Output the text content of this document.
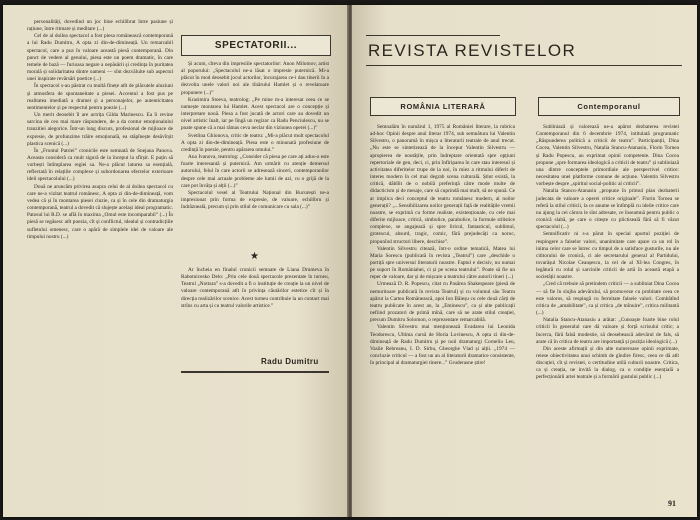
personalități, dovedind un joc bine echilibrat între pasiune și rațiune, între ritmare și meditare (...)

Cel de al doilea spectacol a fost piesa românească contemporană a lui Radu Dumitru, A opta zi din-de-dimineață. Un remarcabil spectacol, care a pus în valoare această piesă contemporană. Din punct de vedere al genului, piesa este un poem dramatic, în care temele de bază — furioasa negare a nepăsării și credința în puritatea morală și solidaritatea dintre oameni — sînt dezvăluite sub aspectul unei inspirate revărsări poetice (...)

În spectacol s-au păstrat cu multă finețe atît de plăcutele aluziuni și atmosfera de spontaneitate a piesei. Accentul a fost pus pe realitatea imediată a dramei și a personajelor, pe autenticitatea sentimentelor și pe respectul pentru poezie (...)

Un merit deosebit îl are actrița Gilda Marinescu. Ea îi revine sarcina de ceo mai mare răspundere, de a da contur emoționalului tranzitiei alegorice. Într-un lung discurs, profesional de mijloace de expresie, de profunzime trăire emoțională, ea stăpînește desăvîrșit plastica scenică (...)

În „Frontul Patriei” cronicile este semnată de Snejana Panova. Aceasta consideră ca mult sigură de la început la sfîrșit. E puțin să vorbești întîmplarea regiei sa. Ne-a plăcut laturea sa esențială, reflectată în relațiile complexe și subordonarea efectelor exterioare ideii spectacolului (...)

Două ne aruncăm privirea asupra celui de al doilea spectacol cu care ne-a vizitat teatrul românesc, A opta zi din-de-dimineață, vom vedea că și în montarea piesei cluzie, ca și în cele din dramaturgia contemporană, teatrul a dovedit că slujește același ideal programatic. Patosul lui R.D. se află în maxima „Omul este incomparabil” (...) În piesă se regăsesc atît poezia, cît și conflictul, idealul și contradicțiile sufletului omenesc, care o apără de simplele idei de valoare ale timpului nostru (...)

SPECTATORII...

Și acum, cîteva din impresiile spectatorilor: Anon Milomov, artist al poporului: „Spectacolul ne-a lăsat o impresie puternică. Mi-a plăcut în mod deosebit jocul actorilor, încurajarea ce-i dau tinerii în a dezvolta unele valori noi ale tînărului Hamlet și o revelatoare propunere (...)”

Krasimira Stoeva, teatrolog: „Pe mine m-a interesat ceea ce se numește montarea lui Hamlet. Acest spectacol are o concepție și interpretare nouă. Piesa a fost jucată de actori care au dovedit un nivel artistic înalt, iar pe lîngă un regizor ca Radu Penciulescu, nu se poate spune că a mai rămas ceva neclar din viziunea operei (...)”

Svetlina Ghionova, critic de teatru: „Mi-a plăcut mult spectacolul A opta zi din-de-dimineață. Piesa este o minunată profesiune de credință în poezie, pentru apărarea omului.”

Ana Ivanova, teatrolog: „Consider că piesa pe care ați adus-o este foarte interesantă și puternică. Am urmărit cu atenție demersul autorului, felul în care actorii se adresează sinceri, contemporanilor despre cele mai actuale probleme ale lumii de azi, cu o grijă de la care pot învăța și alții (...)”

Spectacolul vesel al Teatrului Național din București ne-a impresionat prin forma de expresie, de valoare, echilibru și îndrăzneală, precum și prin stilul de comunicare cu sala (...)”

★

Ar încheia en finalul cronicii semnate de Liana Drumeva în Rabotnicesko Delo: „Prin cele două spectacole prezentate în turneu, Teatrul „Nottara” s-a dovedit a fi o instituție de creație la un nivel de valoare contemporană atît în privința căutărilor estetice cît și în direcția realizărilor scenice. Acest turneu contribuie la un contact mai strîns cu arta și cu teatrul valorile artistice.”

Radu Dumitru
REVISTA REVISTELOR
ROMÂNIA LITERARĂ	Contemporanul

Semnalăm în numărul 1, 1975 al României literare, la rubrica ad-hoc Opinii despre anul literar 1974, sub semnătura lui Valentin Silvestru, o panoramă în mișca a literaturii teatrale de anul trecut. „Nu este se sintetizează de la început Valentin Silvestru — apropierea de noutățile, prin îndreptare orientată spre opțiuni repertoriale de gen, deci, ci, prin înfiriparea în care stau interesul și activitatea diferitelor trupe de la noi, în miez a ritmului diferit de interes modern în cel mai degrab scena culturală. Știut există, la critică, dăbîlit de o nobilă preferință către mode multe de didacticism și de mesaje, care să cuprindă mai mult, să ne spună. Ce ar implica deci conceptul de teatru românesc modern, al noilor generații? „...Sensibilizarea noilor generații față de realitățile vremii noastre, se exprimă cu forme realiste, existenționale, cu cele mai diferite mijloace, critică, simbolice, parabolice, la formule stilistice complexe, se angajează și spre liricul, fantasticul, sublimul, grotescul, absurd, tragic, comic, fără prejudecăți ca noroc, propunînd structuri libere, deschise”.

Valentin Silvestru citează, într-o ordine tematică, Matea lui Maria Sorescu (publicată în revista „Teatrul”) care „deschide o portiță spre universul literaturii noastre. Faptul e decisiv, nu numai pe suport în Româniahei, ci și pe scena teatrului”. Poate să fie un reper de valoare, dar și de mișcare a teatrului către autorii tineri (...)

Urmează D. R. Popescu, citat cu Pasărea Shakespeare (piesă de nemuritoare publicată în revista Teatrul) și cu volumul său Teatru apărut la Cartea Românească, apoi Ion Băieșu cu cele două cărți de teatru publicate în acest an, la „Eminescu”, ca și alte publicații nefiind prozatori de primă mînă, care să ne arate stilul creației, precum Dumitru Solomon, o reprezentare remarcabilă.

Valentin Silvestru mai menționează Evadarea lui Leonida Teodorescu, Ultima cursă de Horia Lovinescu, A opta zi din-de-dimineață de Radu Dumitru și pe noii dramaturgi Corneliu Leu, Vasile Rebreanu, I. D. Sirbu, Gheorghe Vlad și alții. „1974 — concluzie criticul — a fost un an al literaturii dramatice consistente, în principal al dramaturgiei tinere...” Gruderasne știre!

Subliniază și valorează ne-a apărut dezbaterea revistei Contemporanul din 6 decembrie 1974, intitulată programatic „Răspunderea politică a criticii de teatru”. Participanții, Dina Cocea, Valentin Silvestru, Natalia Stancu-Atanasiu, Florin Tornea și Radu Popescu, au exprimat opinii competente. Dina Cocea propune „spre formarea ideologică a criticii de teatru” și subliniază una dintre conceptele primordiale ale perspectivei critice: necesitatea unei platforme comune de acțiune. Valentin Silvestru vorbește despre „spiritul social-politic al criticii”.

Natalia Stancu-Atanasiu „propune în primul plan dezbaterii judecata de valoare a operei critice originale”. Florin Tornea se referă la stilul criticii, la ce anume se întîmplă cu ideile critice care nu ajung la cei cărora le sînt adresate, ce înseamnă pentru public o cronică slabă, pe care o citește cu plictiseală fără să fi văzut spectacolul (...)

Semnificativ ni s-a părut în special aportul poziției de respingere a falselor valori, unanimitate care apare ca un rol în inima celor care se întrec cu timpul de a satisface gusturile, nu ale cititorului de cronică, ci ale secretarului general al Partidului, tovarășul Nicolae Ceaușescu, la cel de al XI-lea Congres, în legătură cu rolul și sarcinile criticii de artă în această etapă a societății noastre.

„Cred că trebuie să pretindem criticii — a subliniat Dina Cocea — să fie în slujba adevărului, să promoveze cu probitate ceea ce este valoros, să respingă cu fermitate falsele valori. Combătînd critica de „amabilitate”, ca și critica „de mînuire”, critica militantă (...)

Natalia Stancu-Atanasiu a arătat: „Cunoaște foarte bine rolul criticii în generalul care dă valoare și forță scrisului critic; a încerca, fără falsă modestie, să deosebească adevărul de fals, să arate că în critica de teatru are importanță și poziția ideologică (...)

Din aceste afirmații și din alte numeroase opinii exprimate, reiese obiectivitatea unui schimb de gîndire firesc, ceea ce dă atît discuției, cît și revistei, o certitudine utilă culturii noastre. Critica, ca și creația, ne invită la dialog, ca o condiție esențială a perfecționării artei teatrale și a formării gustului public (...)

91
